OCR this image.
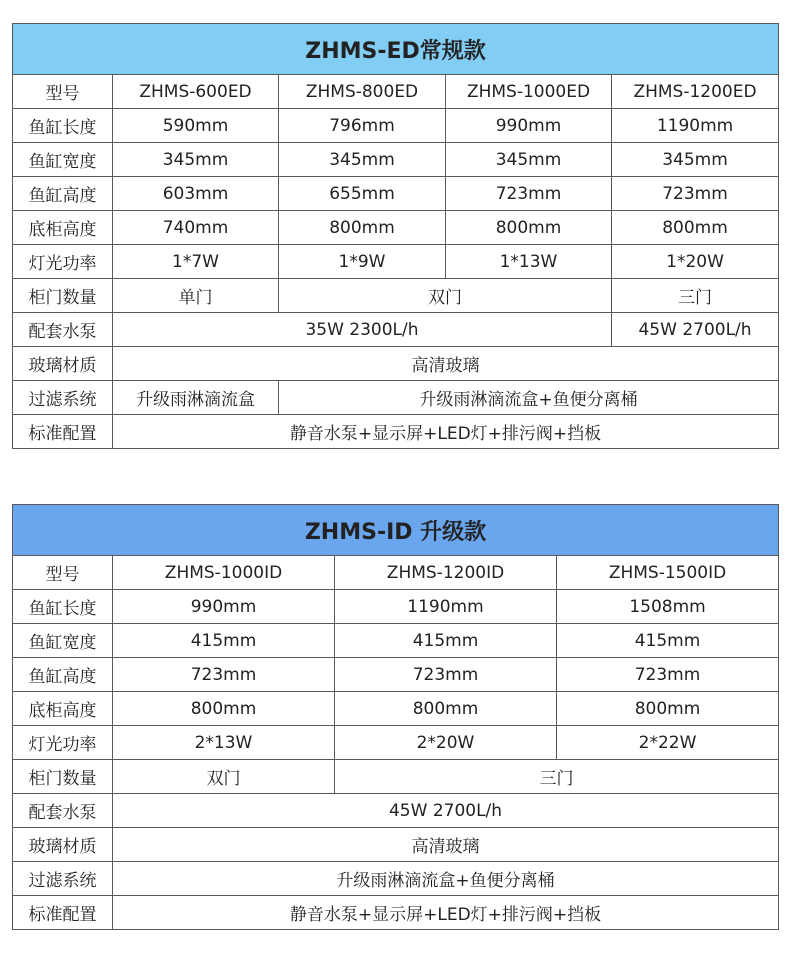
ZHMS-ED常规款				
型号	ZHMS-600ED	ZHMS-800ED	ZHMS-1000ED	ZHMS-1200ED
鱼缸长度	590mm	796mm	990mm	1190mm
鱼缸宽度	345mm	345mm	345mm	345mm
鱼缸高度	603mm	655mm	723mm	723mm
底柜高度	740mm	800mm	800mm	800mm
灯光功率	1*7W	1*9W	1*13W	1*20W
柜门数量	单门	双门		三门
配套水泵	35W 2300L/h			45W 2700L/h
玻璃材质	高清玻璃			
过滤系统	升级雨淋滴流盒	升级雨淋滴流盒+鱼便分离桶		
标准配置	静音水泵+显示屏+LED灯+排污阀+挡板			
ZHMS-ID 升级款			
型号	ZHMS-1000ID	ZHMS-1200ID	ZHMS-1500ID
鱼缸长度	990mm	1190mm	1508mm
鱼缸宽度	415mm	415mm	415mm
鱼缸高度	723mm	723mm	723mm
底柜高度	800mm	800mm	800mm
灯光功率	2*13W	2*20W	2*22W
柜门数量	双门	三门	
配套水泵	45W 2700L/h		
玻璃材质	高清玻璃		
过滤系统	升级雨淋滴流盒+鱼便分离桶		
标准配置	静音水泵+显示屏+LED灯+排污阀+挡板		
